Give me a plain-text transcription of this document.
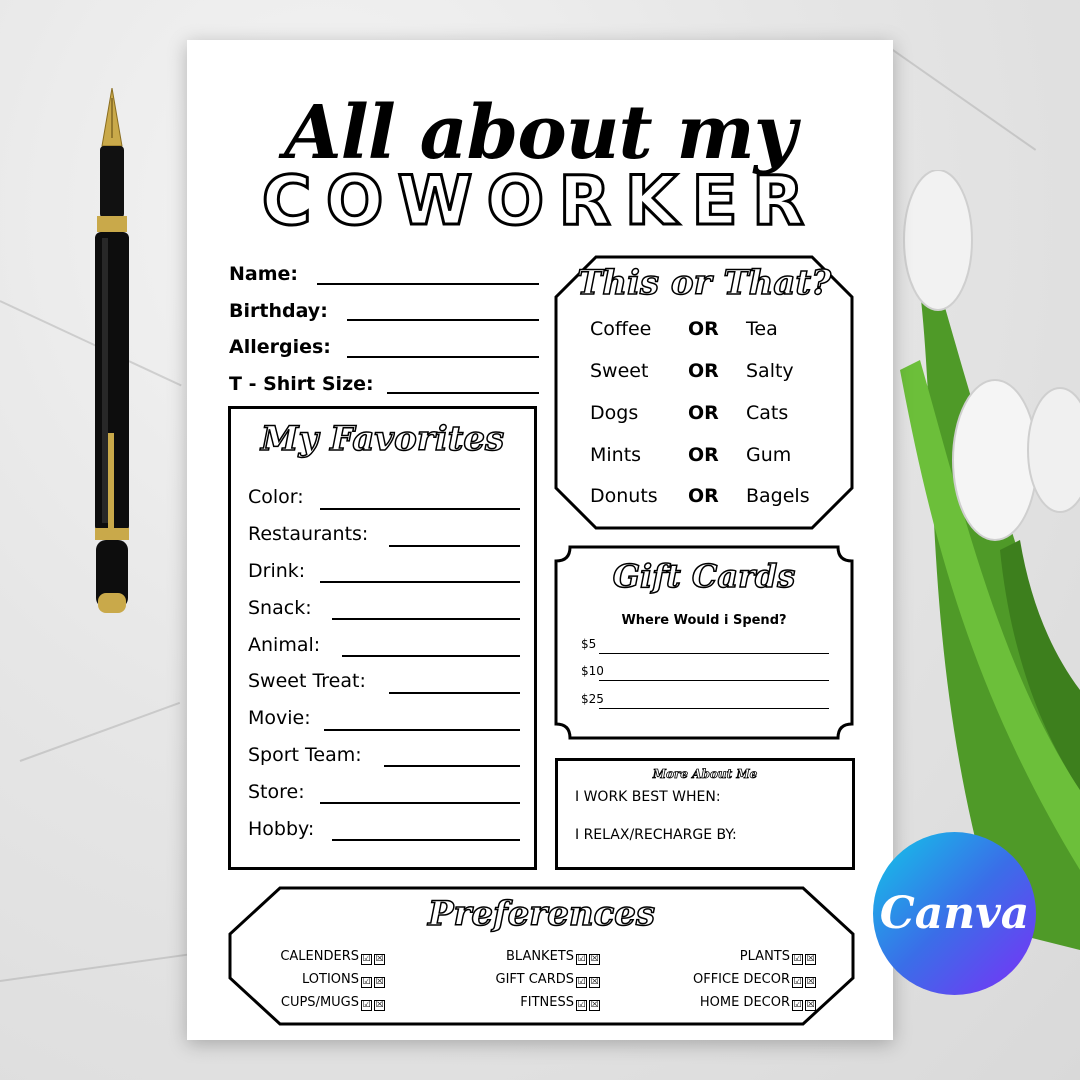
All about my
COWORKER
Name:
Birthday:
Allergies:
T - Shirt Size:
My Favorites
Color:
Restaurants:
Drink:
Snack:
Animal:
Sweet Treat:
Movie:
Sport Team:
Store:
Hobby:
This or That?
Coffee OR Tea
Sweet OR Salty
Dogs	OR Cats
Mints OR Gum
Donuts OR Bagels
Gift Cards
Where Would i Spend?
$5
$10
$25
More About Me
I WORK BEST WHEN:
I RELAX/RECHARGE BY:
Preferences
CALENDERS ☑ ☒
LOTIONS ☑ ☒
CUPS/MUGS ☑ ☒
BLANKETS ☑ ☒
GIFT CARDS ☑ ☒
FITNESS ☑ ☒
PLANTS ☑ ☒
OFFICE DECOR ☑ ☒
HOME DECOR ☑ ☒
Canva
